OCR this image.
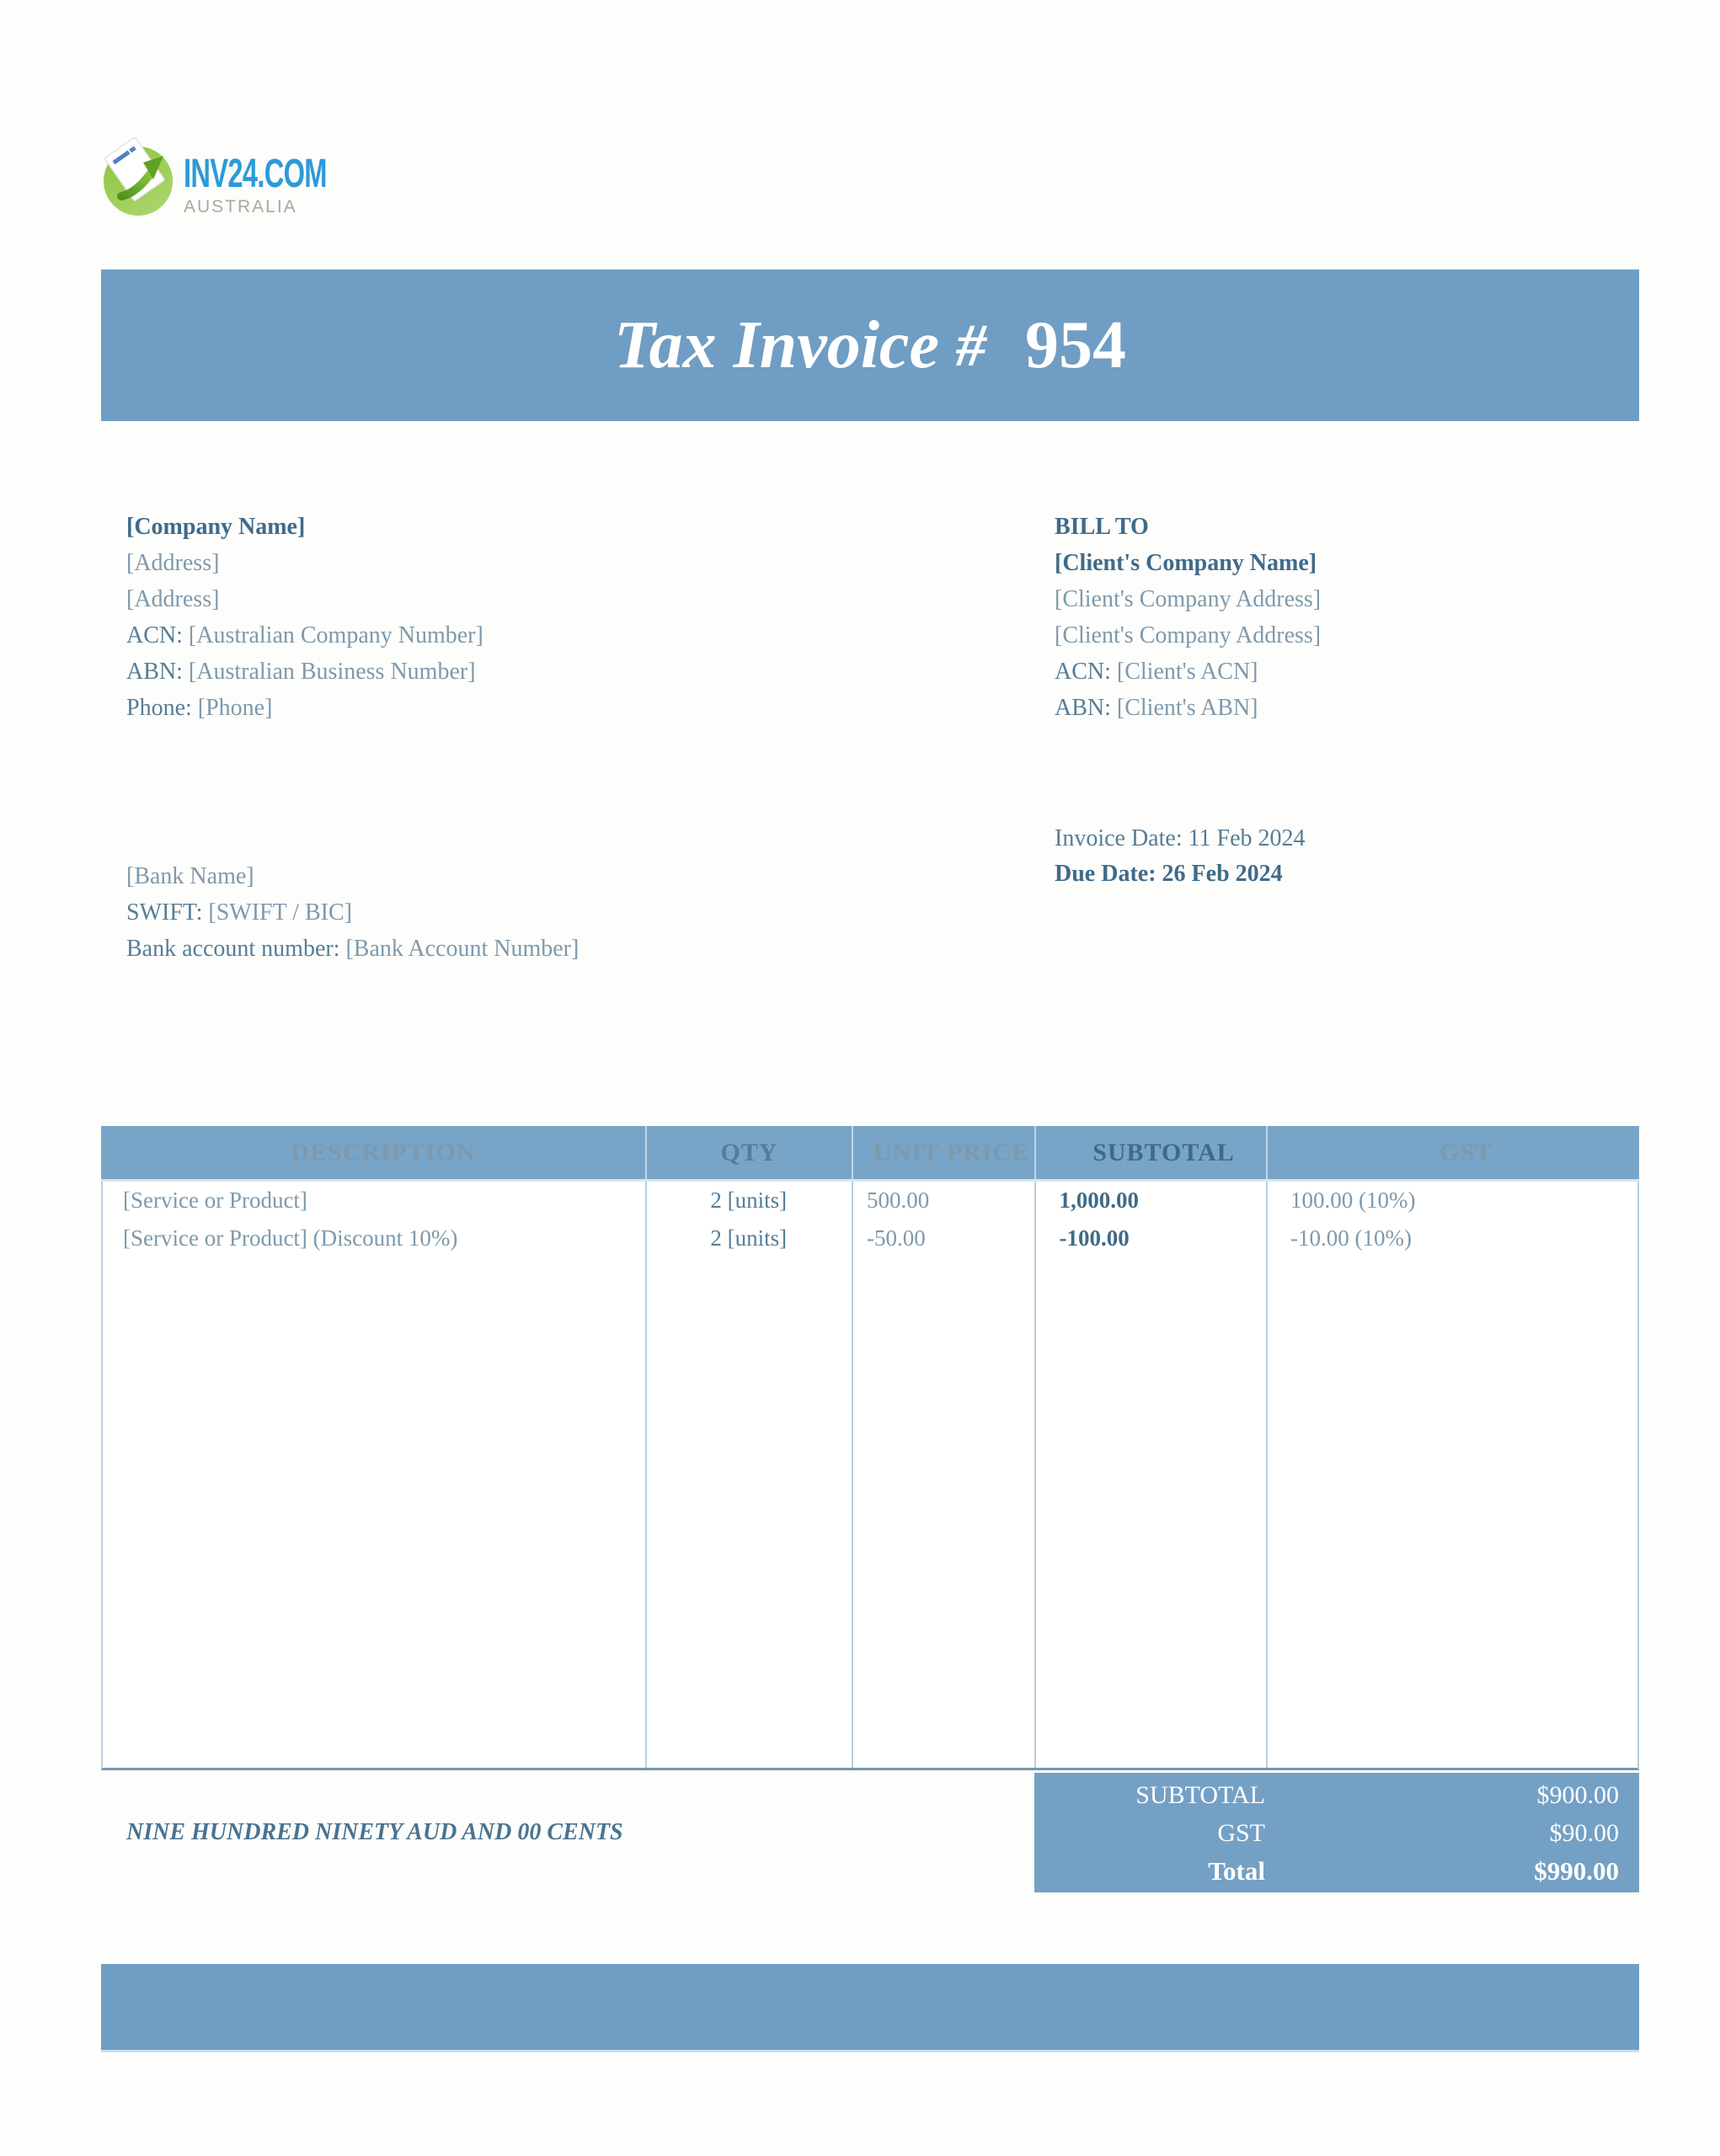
INV24.COM
AUSTRALIA
Tax Invoice # 954
[Company Name]
[Address]
[Address]
ACN: [Australian Company Number]
ABN: [Australian Business Number]
Phone: [Phone]
BILL TO
[Client's Company Name]
[Client's Company Address]
[Client's Company Address]
ACN: [Client's ACN]
ABN: [Client's ABN]
Invoice Date: 11 Feb 2024
Due Date: 26 Feb 2024
[Bank Name]
SWIFT: [SWIFT / BIC]
Bank account number: [Bank Account Number]
DESCRIPTION	QTY	UNIT PRICE	SUBTOTAL	GST
[Service or Product]	2 [units]	500.00	1,000.00	100.00 (10%)
[Service or Product] (Discount 10%)	2 [units]	-50.00	-100.00	-10.00 (10%)
SUBTOTAL	$900.00
GST	$90.00
Total	$990.00
NINE HUNDRED NINETY AUD AND 00 CENTS
